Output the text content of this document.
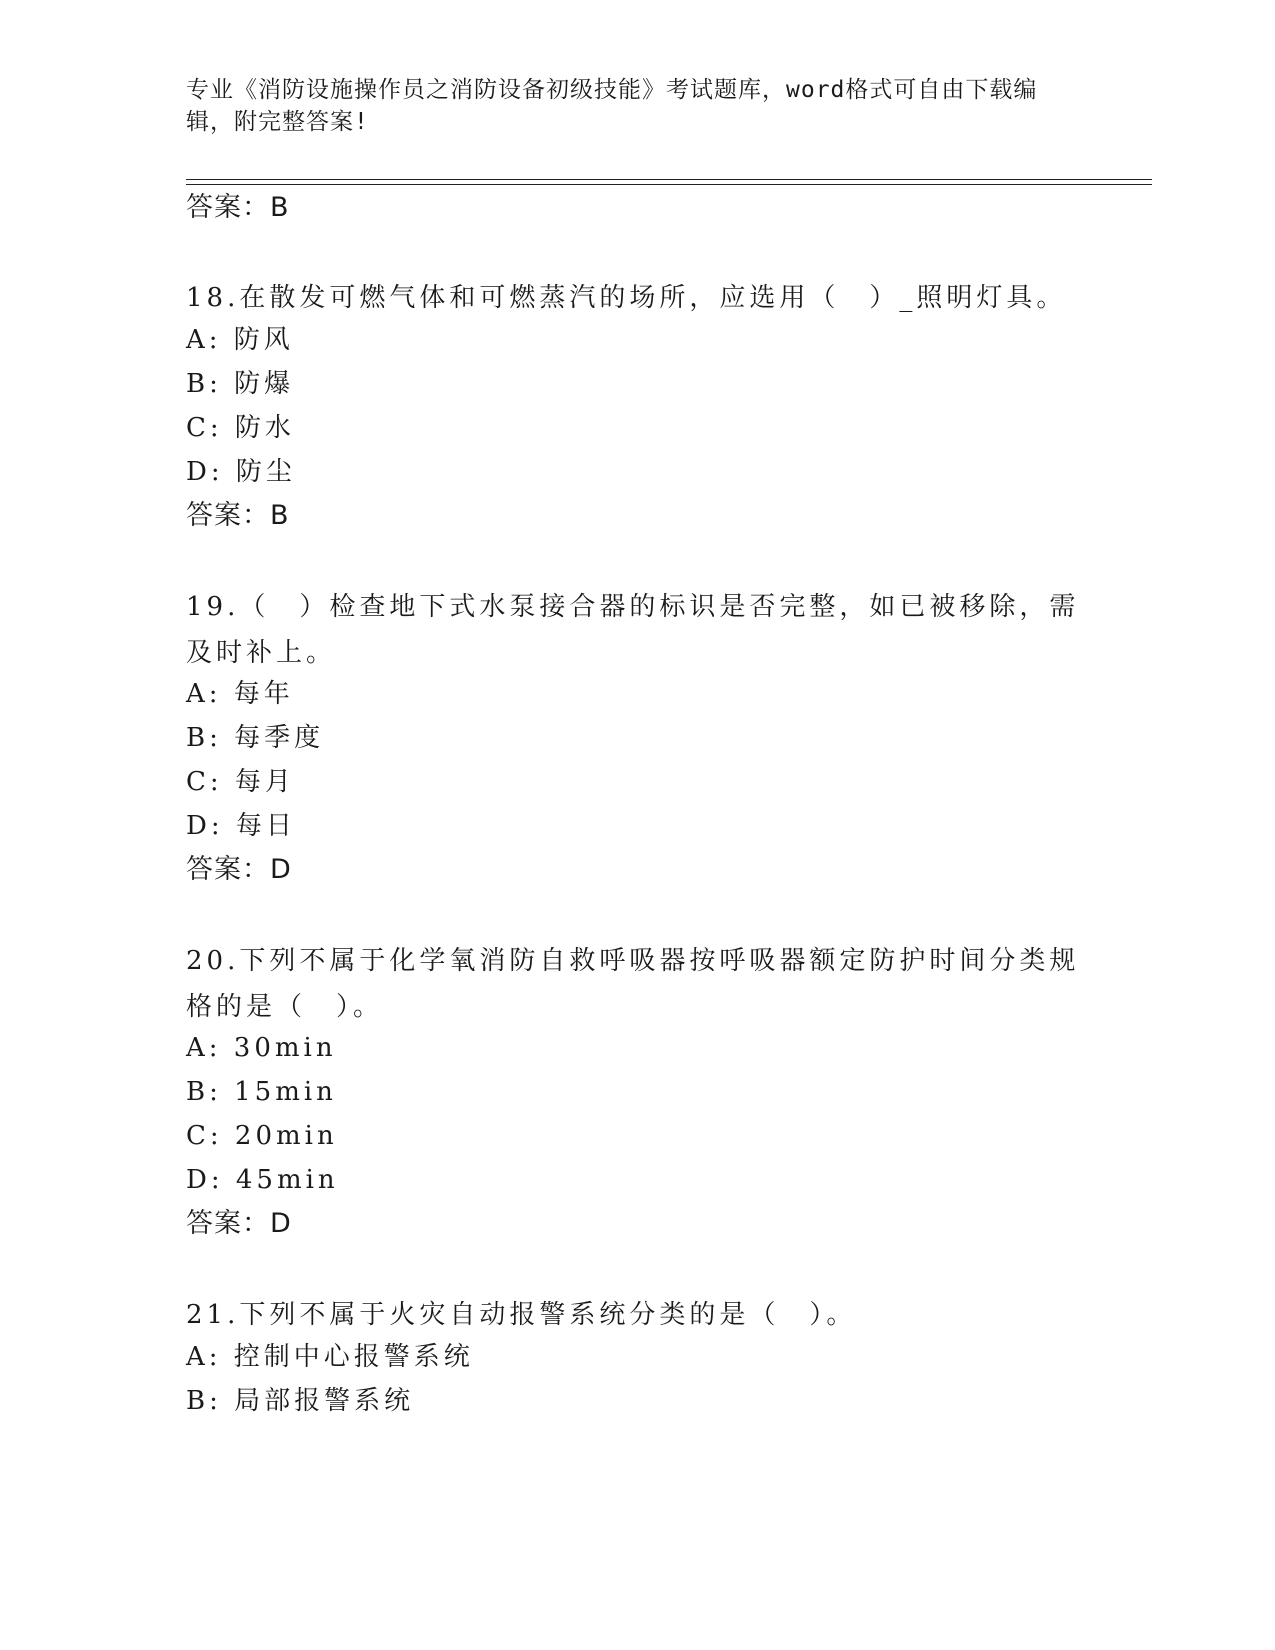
专业《消防设施操作员之消防设备初级技能》考试题库，word格式可自由下载编辑，附完整答案!
答案：B
18.在散发可燃气体和可燃蒸汽的场所，应选用（　）_照明灯具。
A: 防风
B: 防爆
C: 防水
D: 防尘
答案：B
19.（　）检查地下式水泵接合器的标识是否完整，如已被移除，需及时补上。
A: 每年
B: 每季度
C: 每月
D: 每日
答案：D
20.下列不属于化学氧消防自救呼吸器按呼吸器额定防护时间分类规格的是（　）。
A: 30min
B: 15min
C: 20min
D: 45min
答案：D
21.下列不属于火灾自动报警系统分类的是（　）。
A: 控制中心报警系统
B: 局部报警系统
